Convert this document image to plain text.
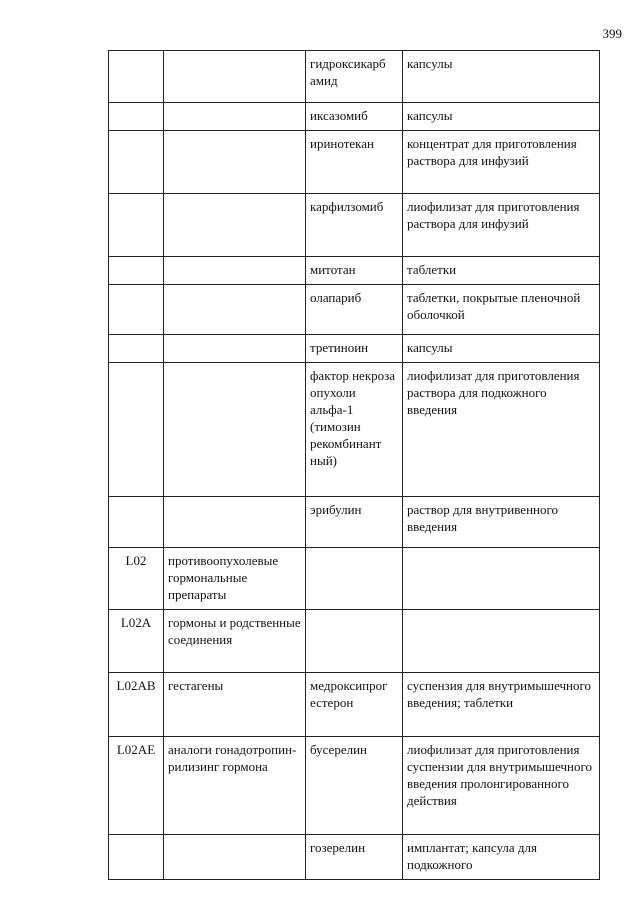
399
		гидроксикарб амид	капсулы
		иксазомиб	капсулы
		иринотекан	концентрат для приготовления раствора для инфузий
		карфилзомиб	лиофилизат для приготовления раствора для инфузий
		митотан	таблетки
		олапариб	таблетки, покрытые пленочной оболочкой
		третиноин	капсулы
		фактор некроза опухоли альфа-1 (тимозин рекомбинант ный)	лиофилизат для приготовления раствора для подкожного введения
		эрибулин	раствор для внутривенного введения
L02	противоопухолевые гормональные препараты		
L02A	гормоны и родственные соединения		
L02AB	гестагены	медроксипрог естерон	суспензия для внутримышечного введения; таблетки
L02AE	аналоги гонадотропин-рилизинг гормона	бусерелин	лиофилизат для приготовления суспензии для внутримышечного введения пролонгированного действия
		гозерелин	имплантат; капсула для подкожного
